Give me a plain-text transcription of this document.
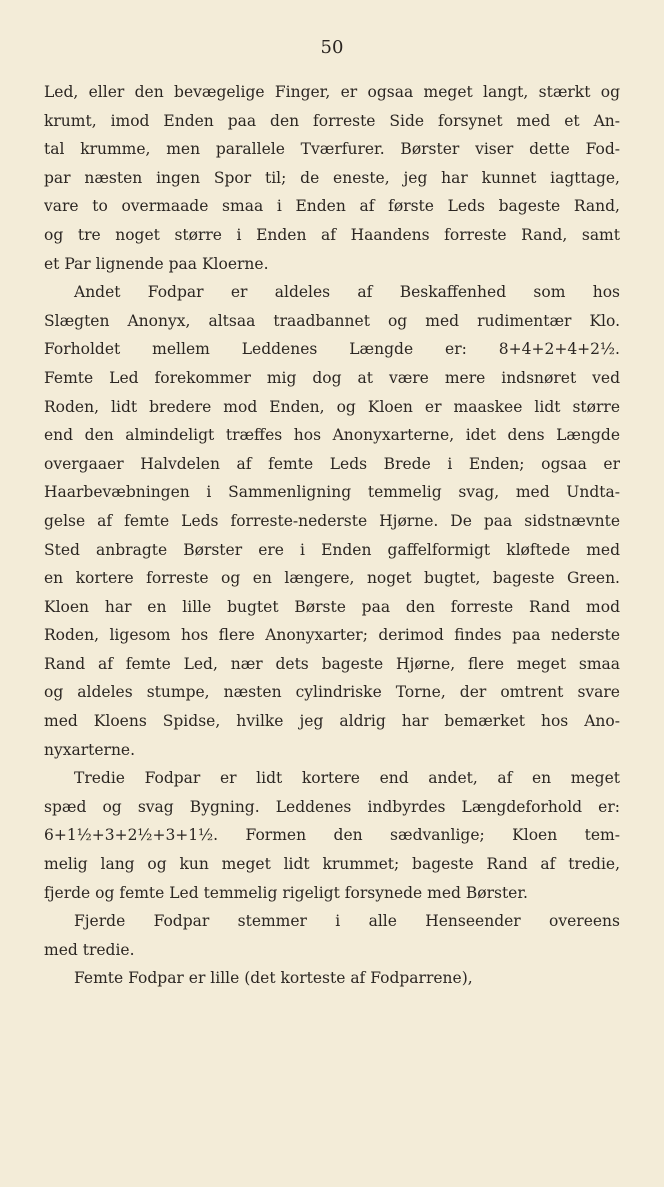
50
Led, eller den bevægelige Finger, er ogsaa meget langt, stærkt og
krumt, imod Enden paa den forreste Side forsynet med et An-
tal krumme, men parallele Tværfurer. Børster viser dette Fod-
par næsten ingen Spor til; de eneste, jeg har kunnet iagttage,
vare to overmaade smaa i Enden af første Leds bageste Rand,
og tre noget større i Enden af Haandens forreste Rand, samt
et Par lignende paa Kloerne.
Andet Fodpar er aldeles af Beskaffenhed som hos
Slægten Anonyx, altsaa traadbannet og med rudimentær Klo.
Forholdet mellem Leddenes Længde er: 8+4+2+4+2½.
Femte Led forekommer mig dog at være mere indsnøret ved
Roden, lidt bredere mod Enden, og Kloen er maaskee lidt større
end den almindeligt træffes hos Anonyxarterne, idet dens Længde
overgaaer Halvdelen af femte Leds Brede i Enden; ogsaa er
Haarbevæbningen i Sammenligning temmelig svag, med Undta-
gelse af femte Leds forreste-nederste Hjørne. De paa sidstnævnte
Sted anbragte Børster ere i Enden gaffelformigt kløftede med
en kortere forreste og en længere, noget bugtet, bageste Green.
Kloen har en lille bugtet Børste paa den forreste Rand mod
Roden, ligesom hos flere Anonyxarter; derimod findes paa nederste
Rand af femte Led, nær dets bageste Hjørne, flere meget smaa
og aldeles stumpe, næsten cylindriske Torne, der omtrent svare
med Kloens Spidse, hvilke jeg aldrig har bemærket hos Ano-
nyxarterne.
Tredie Fodpar er lidt kortere end andet, af en meget
spæd og svag Bygning. Leddenes indbyrdes Længdeforhold er:
6+1½+3+2½+3+1½. Formen den sædvanlige; Kloen tem-
melig lang og kun meget lidt krummet; bageste Rand af tredie,
fjerde og femte Led temmelig rigeligt forsynede med Børster.
Fjerde Fodpar stemmer i alle Henseender overeens
med tredie.
Femte Fodpar er lille (det korteste af Fodparrene),
